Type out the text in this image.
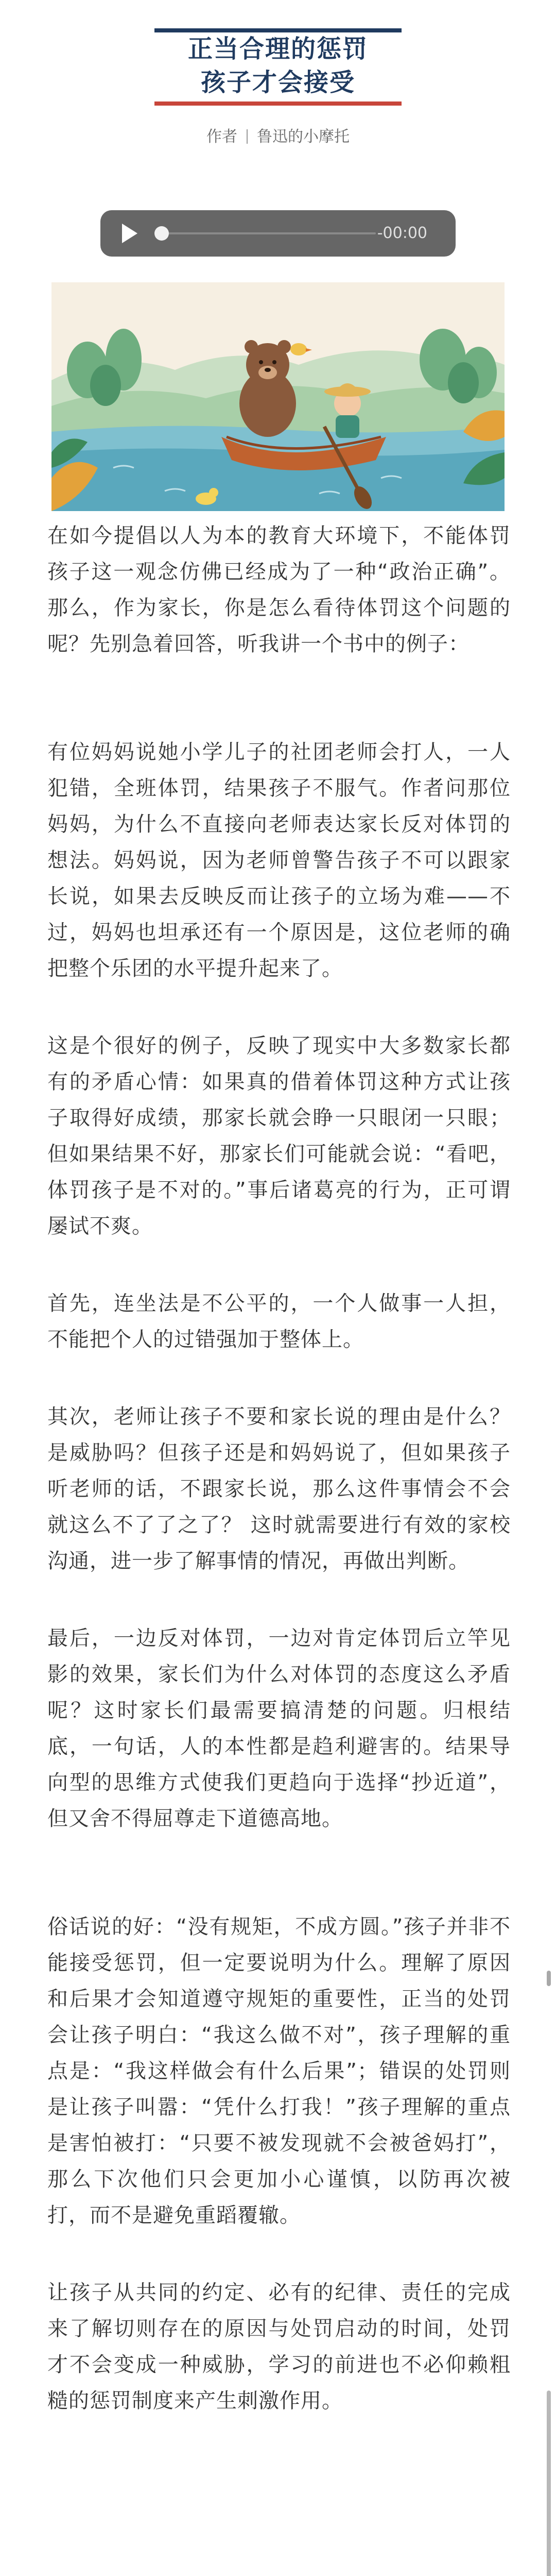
正当合理的惩罚
孩子才会接受
作者 鲁迅的小摩托
-00:00

在如今提倡以人为本的教育大环境下，不能体罚孩子这一观念仿佛已经成为了一种“政治正确”。那么，作为家长，你是怎么看待体罚这个问题的呢？先别急着回答，听我讲一个书中的例子：

有位妈妈说她小学儿子的社团老师会打人，一人犯错，全班体罚，结果孩子不服气。作者问那位妈妈，为什么不直接向老师表达家长反对体罚的想法。妈妈说，因为老师曾警告孩子不可以跟家长说，如果去反映反而让孩子的立场为难——不过，妈妈也坦承还有一个原因是，这位老师的确把整个乐团的水平提升起来了。

这是个很好的例子，反映了现实中大多数家长都有的矛盾心情：如果真的借着体罚这种方式让孩子取得好成绩，那家长就会睁一只眼闭一只眼；但如果结果不好，那家长们可能就会说：“看吧，体罚孩子是不对的。”事后诸葛亮的行为，正可谓屡试不爽。

首先，连坐法是不公平的，一个人做事一人担，不能把个人的过错强加于整体上。

其次，老师让孩子不要和家长说的理由是什么？是威胁吗？但孩子还是和妈妈说了，但如果孩子听老师的话，不跟家长说，那么这件事情会不会就这么不了了之了？ 这时就需要进行有效的家校沟通，进一步了解事情的情况，再做出判断。

最后，一边反对体罚，一边对肯定体罚后立竿见影的效果，家长们为什么对体罚的态度这么矛盾呢？这时家长们最需要搞清楚的问题。归根结底，一句话，人的本性都是趋利避害的。结果导向型的思维方式使我们更趋向于选择“抄近道”，但又舍不得屈尊走下道德高地。

俗话说的好：“没有规矩，不成方圆。”孩子并非不能接受惩罚，但一定要说明为什么。理解了原因和后果才会知道遵守规矩的重要性，正当的处罚会让孩子明白：“我这么做不对”，孩子理解的重点是：“我这样做会有什么后果”；错误的处罚则是让孩子叫嚣：“凭什么打我！”孩子理解的重点是害怕被打：“只要不被发现就不会被爸妈打”，那么下次他们只会更加小心谨慎，以防再次被打，而不是避免重蹈覆辙。

让孩子从共同的约定、必有的纪律、责任的完成来了解切则存在的原因与处罚启动的时间，处罚才不会变成一种威胁，学习的前进也不必仰赖粗糙的惩罚制度来产生刺激作用。
